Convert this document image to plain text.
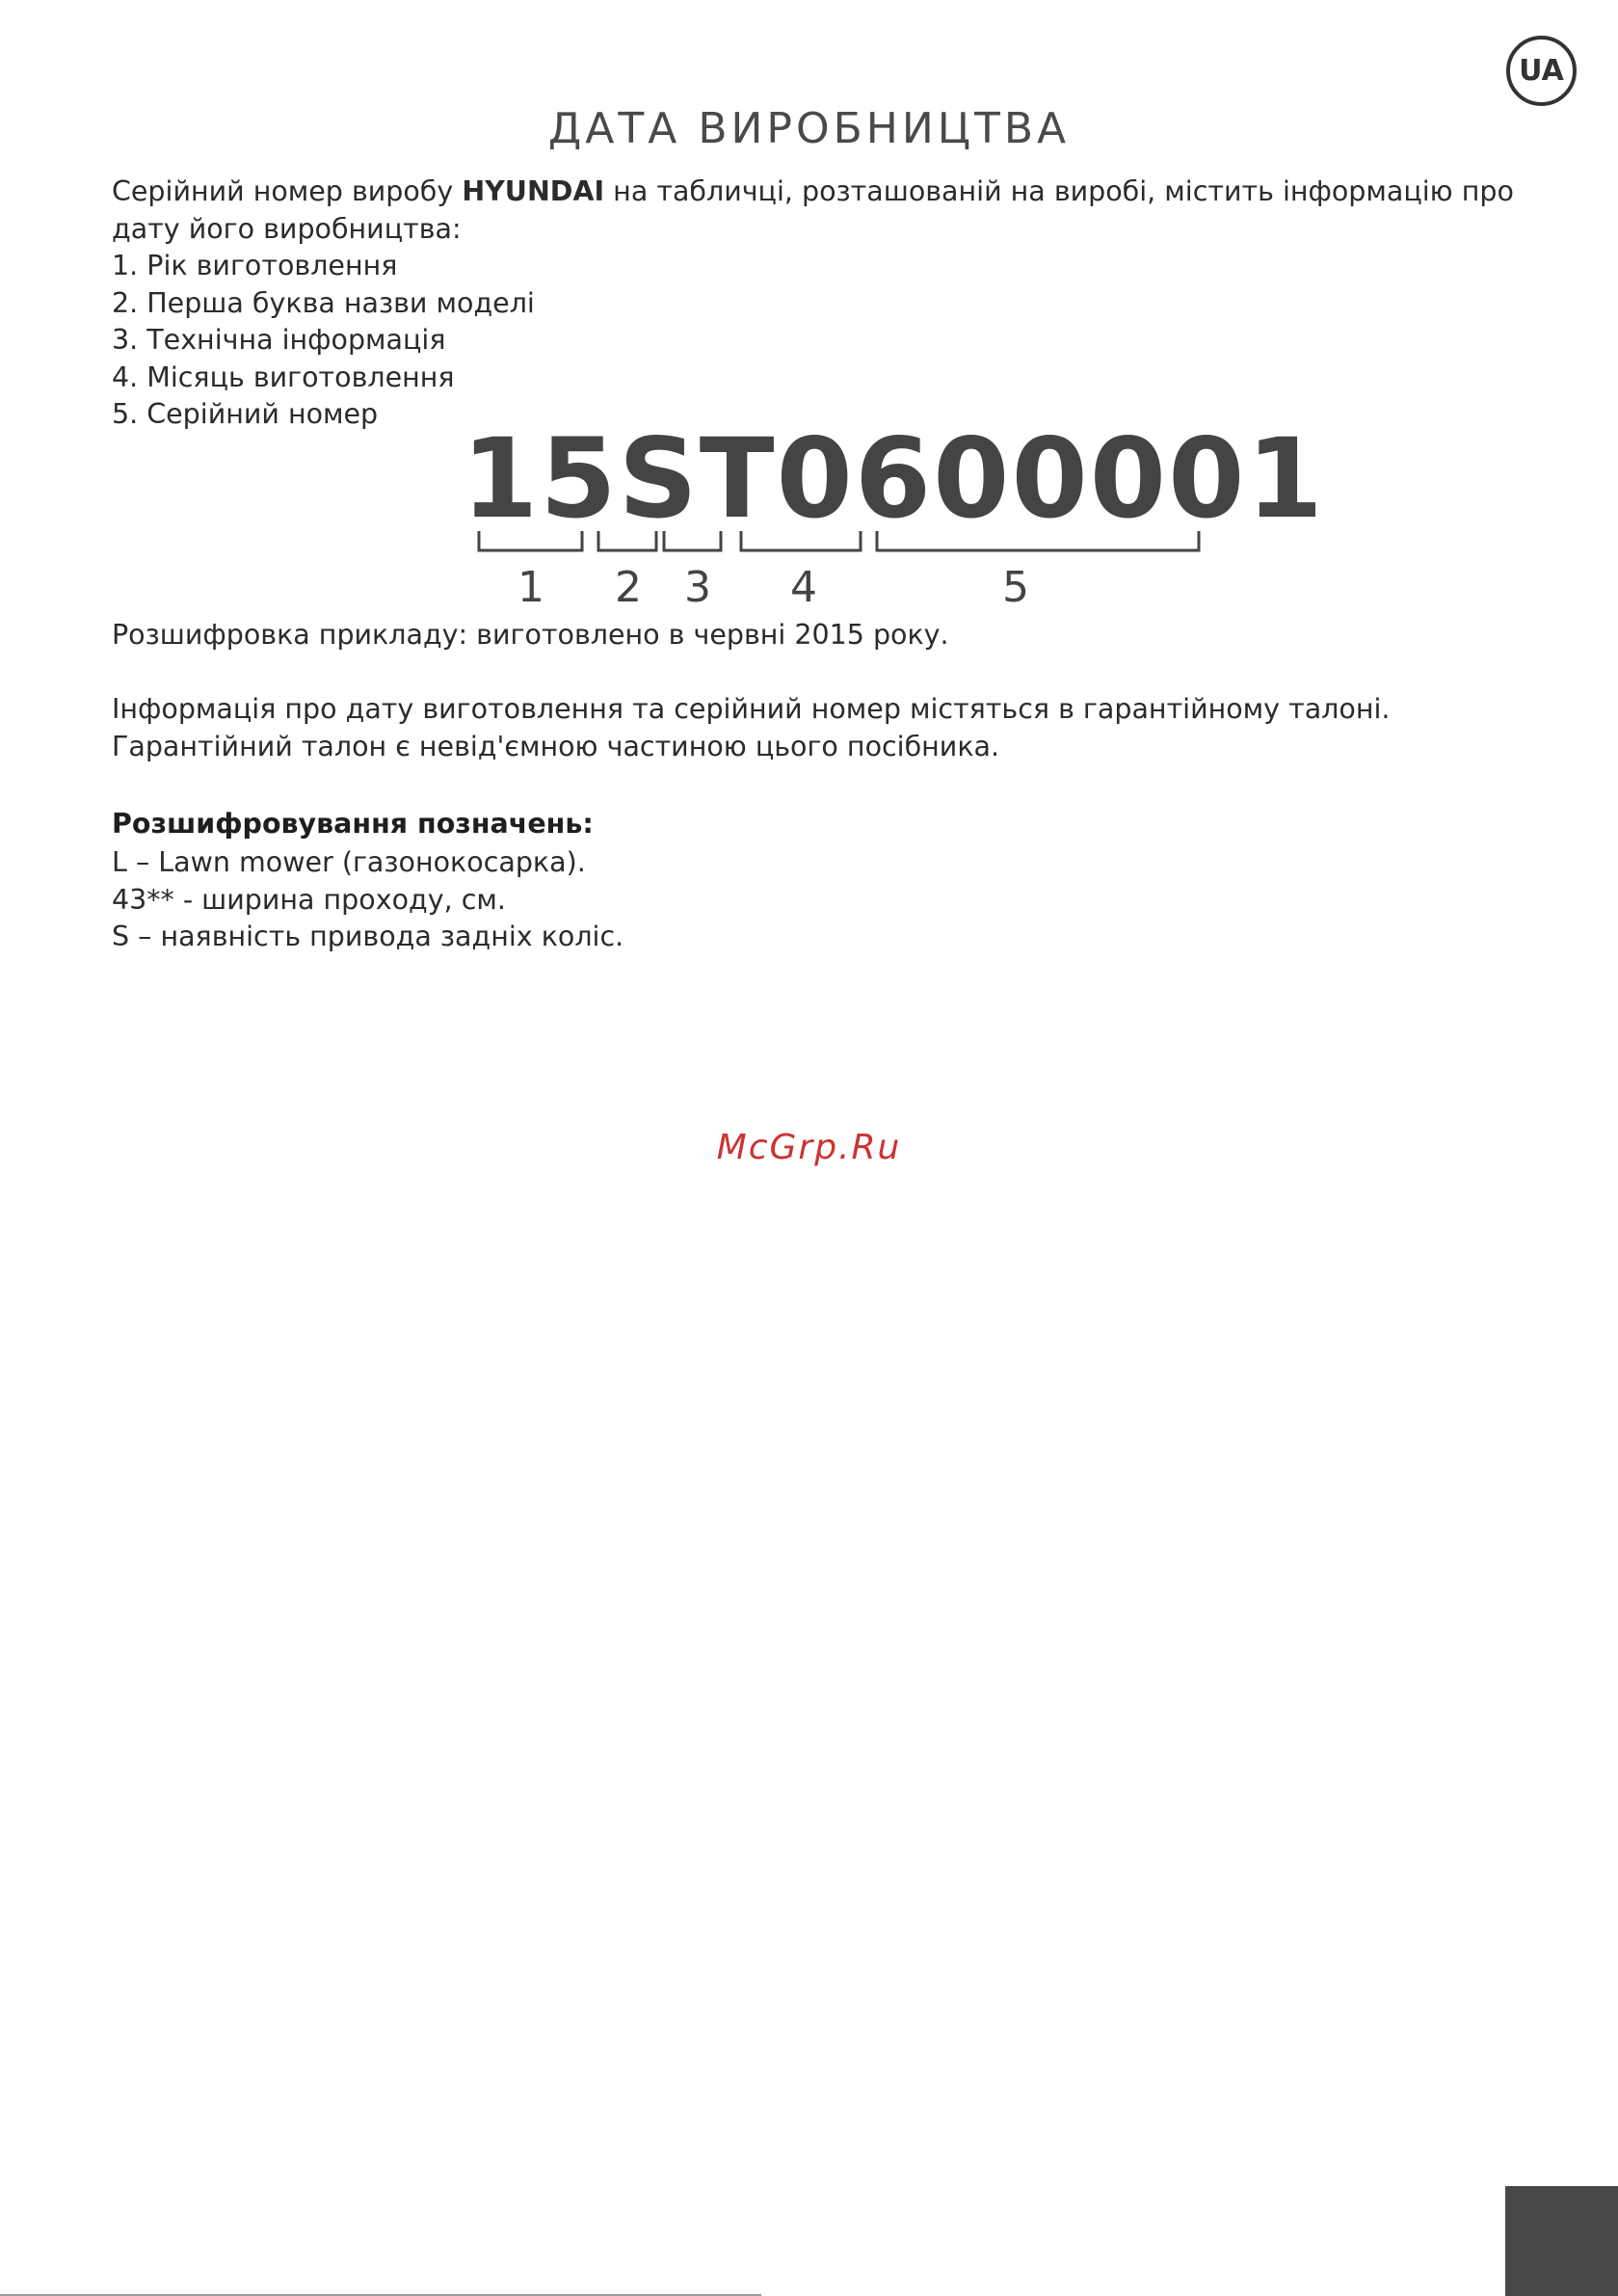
UA
ДАТА ВИРОБНИЦТВА

Серійний номер виробу HYUNDAI на табличці, розташованій на виробі, містить інформацію про дату його виробництва:

1. Рік виготовлення
2. Перша буква назви моделі
3. Технічна інформація
4. Місяць виготовлення
5. Серійний номер
15ST0600001
1	2	3	4	5

Розшифровка прикладу: виготовлено в червні 2015 року.

Інформація про дату виготовлення та серійний номер містяться в гарантійному талоні. Гарантійний талон є невід'ємною частиною цього посібника.

Розшифровування позначень:

L – Lawn mower (газонокосарка).
43** - ширина проходу, см.
S – наявність привода задніх коліс.
McGrp.Ru
